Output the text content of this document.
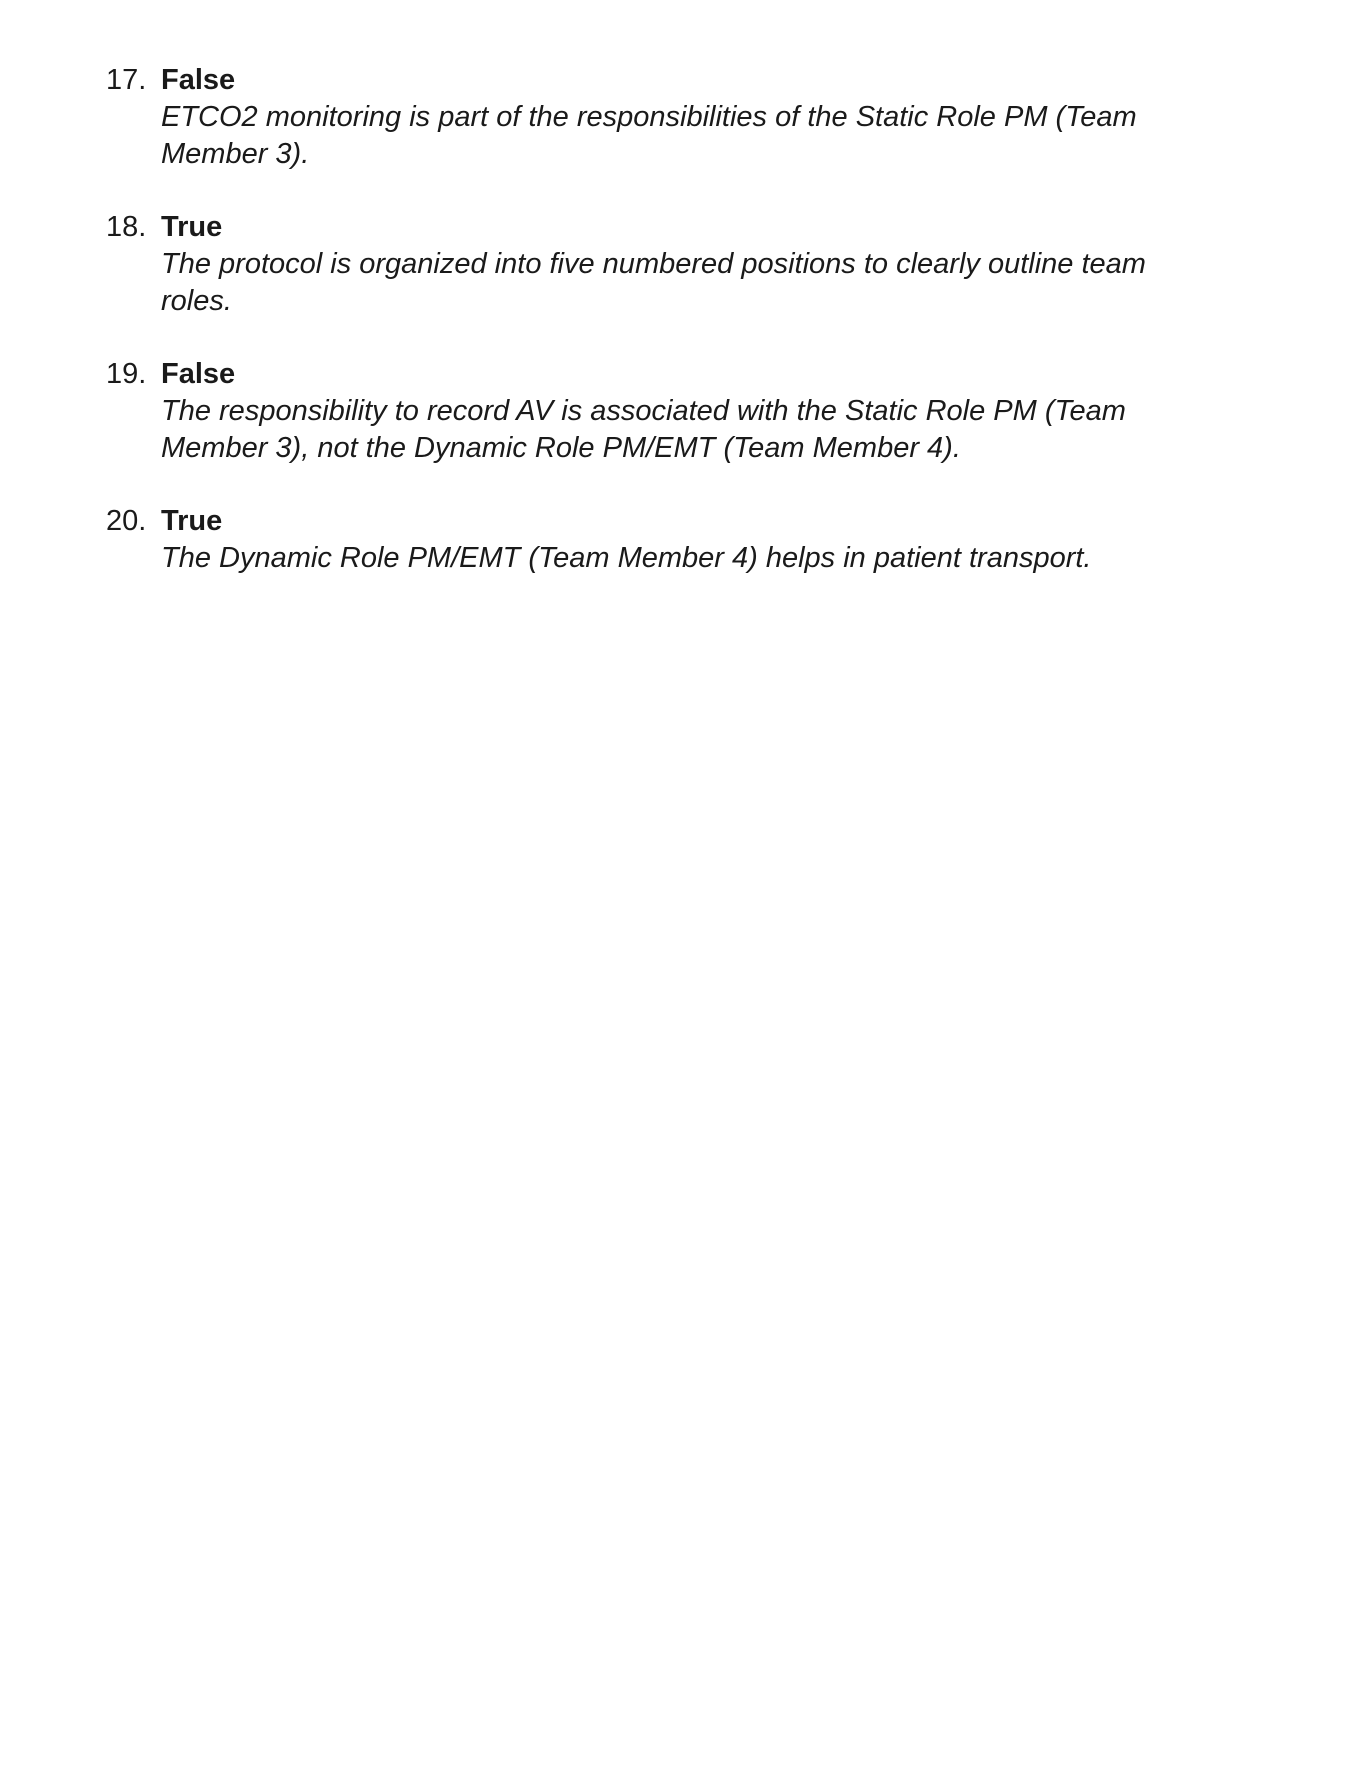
17. False
ETCO2 monitoring is part of the responsibilities of the Static Role PM (Team
Member 3).
18. True
The protocol is organized into five numbered positions to clearly outline team
roles.
19. False
The responsibility to record AV is associated with the Static Role PM (Team
Member 3), not the Dynamic Role PM/EMT (Team Member 4).
20. True
The Dynamic Role PM/EMT (Team Member 4) helps in patient transport.
